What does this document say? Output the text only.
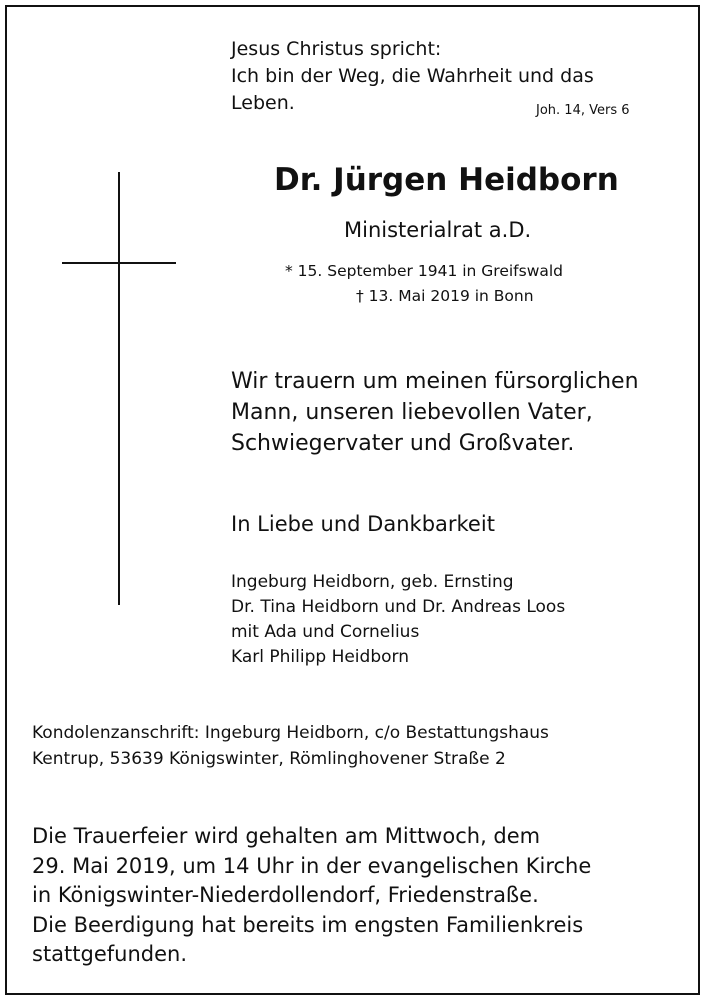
Jesus Christus spricht:
Ich bin der Weg, die Wahrheit und das
Leben.	Joh. 14, Vers 6
Dr. Jürgen Heidborn
Ministerialrat a.D.
* 15. September 1941 in Greifswald
† 13. Mai 2019 in Bonn
Wir trauern um meinen fürsorglichen
Mann, unseren liebevollen Vater,
Schwiegervater und Großvater.
In Liebe und Dankbarkeit
Ingeburg Heidborn, geb. Ernsting
Dr. Tina Heidborn und Dr. Andreas Loos
mit Ada und Cornelius
Karl Philipp Heidborn
Kondolenzanschrift: Ingeburg Heidborn, c/o Bestattungshaus
Kentrup, 53639 Königswinter, Römlinghovener Straße 2
Die Trauerfeier wird gehalten am Mittwoch, dem
29. Mai 2019, um 14 Uhr in der evangelischen Kirche
in Königswinter-Niederdollendorf, Friedenstraße.
Die Beerdigung hat bereits im engsten Familienkreis
stattgefunden.
